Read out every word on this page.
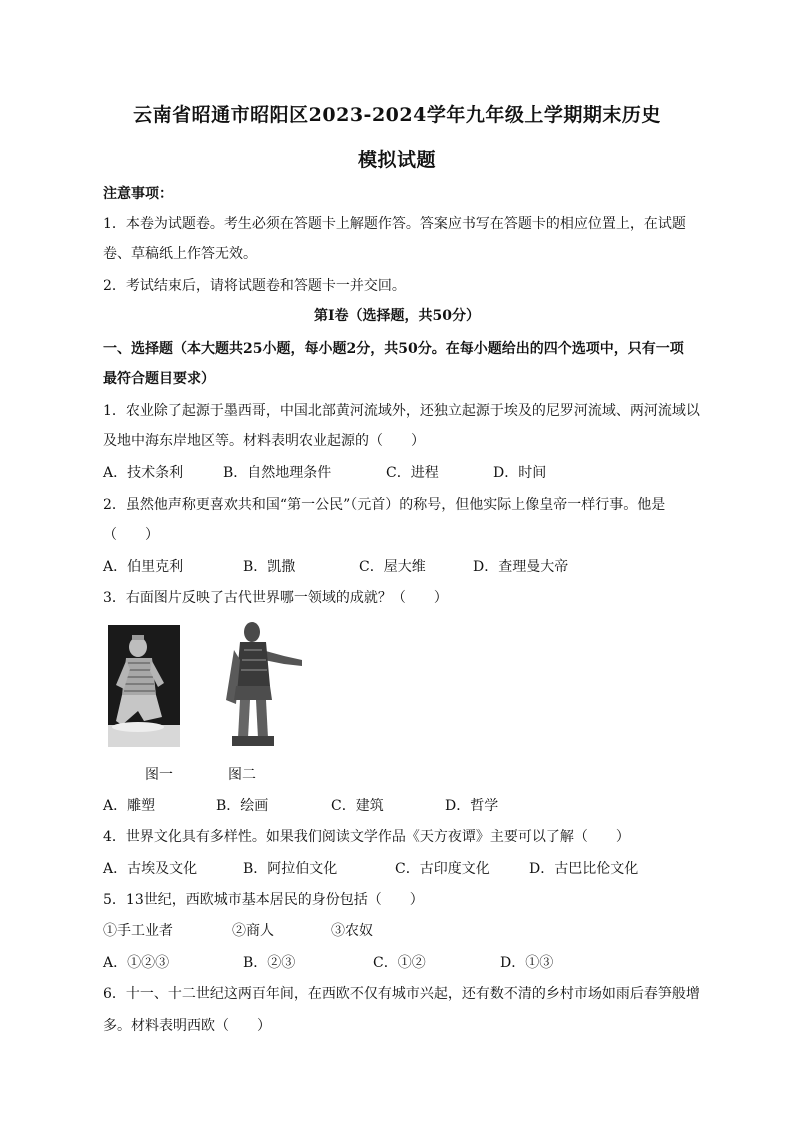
云南省昭通市昭阳区2023-2024学年九年级上学期期末历史
模拟试题
注意事项：
1．本卷为试题卷。考生必须在答题卡上解题作答。答案应书写在答题卡的相应位置上，在试题
卷、草稿纸上作答无效。
2．考试结束后，请将试题卷和答题卡一并交回。
第Ⅰ卷（选择题，共50分）
一、选择题（本大题共25小题，每小题2分，共50分。在每小题给出的四个选项中，只有一项
最符合题目要求）
1．农业除了起源于墨西哥，中国北部黄河流域外，还独立起源于埃及的尼罗河流域、两河流域以
及地中海东岸地区等。材料表明农业起源的（　　）
A．技术条利	B．自然地理条件	C．进程	D．时间
2．虽然他声称更喜欢共和国“第一公民”（元首）的称号，但他实际上像皇帝一样行事。他是
（　　）
A．伯里克利	B．凯撒	C．屋大维	D．查理曼大帝
3．右面图片反映了古代世界哪一领域的成就？（　　）
图一	图二
A．雕塑	B．绘画	C．建筑	D．哲学
4．世界文化具有多样性。如果我们阅读文学作品《天方夜谭》主要可以了解（　　）
A．古埃及文化	B．阿拉伯文化	C．古印度文化	D．古巴比伦文化
5．13世纪，西欧城市基本居民的身份包括（　　）
①手工业者	②商人	③农奴
A．①②③	B．②③	C．①②	D．①③
6．十一、十二世纪这两百年间，在西欧不仅有城市兴起，还有数不清的乡村市场如雨后春笋般增
多。材料表明西欧（　　）
